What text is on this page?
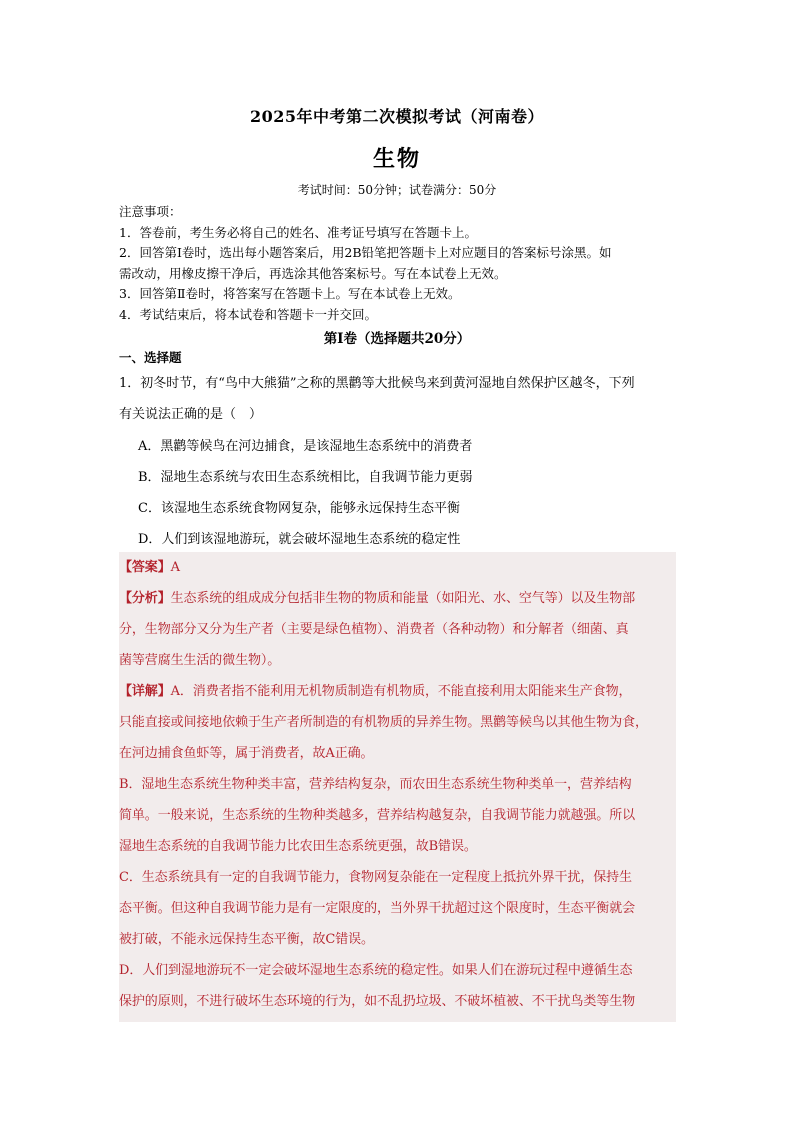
2025年中考第二次模拟考试（河南卷）
生物
考试时间：50分钟；试卷满分：50分
注意事项：
1．答卷前，考生务必将自己的姓名、准考证号填写在答题卡上。
2．回答第Ⅰ卷时，选出每小题答案后，用2B铅笔把答题卡上对应题目的答案标号涂黑。如
需改动，用橡皮擦干净后，再选涂其他答案标号。写在本试卷上无效。
3．回答第Ⅱ卷时，将答案写在答题卡上。写在本试卷上无效。
4．考试结束后，将本试卷和答题卡一并交回。
第Ⅰ卷（选择题共20分）
一、选择题
1．初冬时节，有“鸟中大熊猫”之称的黑鹳等大批候鸟来到黄河湿地自然保护区越冬，下列
有关说法正确的是（　）
A．黑鹳等候鸟在河边捕食，是该湿地生态系统中的消费者
B．湿地生态系统与农田生态系统相比，自我调节能力更弱
C．该湿地生态系统食物网复杂，能够永远保持生态平衡
D．人们到该湿地游玩，就会破坏湿地生态系统的稳定性
【答案】A
【分析】生态系统的组成成分包括非生物的物质和能量（如阳光、水、空气等）以及生物部
分，生物部分又分为生产者（主要是绿色植物）、消费者（各种动物）和分解者（细菌、真
菌等营腐生生活的微生物）。
【详解】A．消费者指不能利用无机物质制造有机物质，不能直接利用太阳能来生产食物，
只能直接或间接地依赖于生产者所制造的有机物质的异养生物。黑鹳等候鸟以其他生物为食，
在河边捕食鱼虾等，属于消费者，故A正确。
B．湿地生态系统生物种类丰富，营养结构复杂，而农田生态系统生物种类单一，营养结构
简单。一般来说，生态系统的生物种类越多，营养结构越复杂，自我调节能力就越强。所以
湿地生态系统的自我调节能力比农田生态系统更强，故B错误。
C．生态系统具有一定的自我调节能力，食物网复杂能在一定程度上抵抗外界干扰，保持生
态平衡。但这种自我调节能力是有一定限度的，当外界干扰超过这个限度时，生态平衡就会
被打破，不能永远保持生态平衡，故C错误。
D．人们到湿地游玩不一定会破坏湿地生态系统的稳定性。如果人们在游玩过程中遵循生态
保护的原则，不进行破坏生态环境的行为，如不乱扔垃圾、不破坏植被、不干扰鸟类等生物
